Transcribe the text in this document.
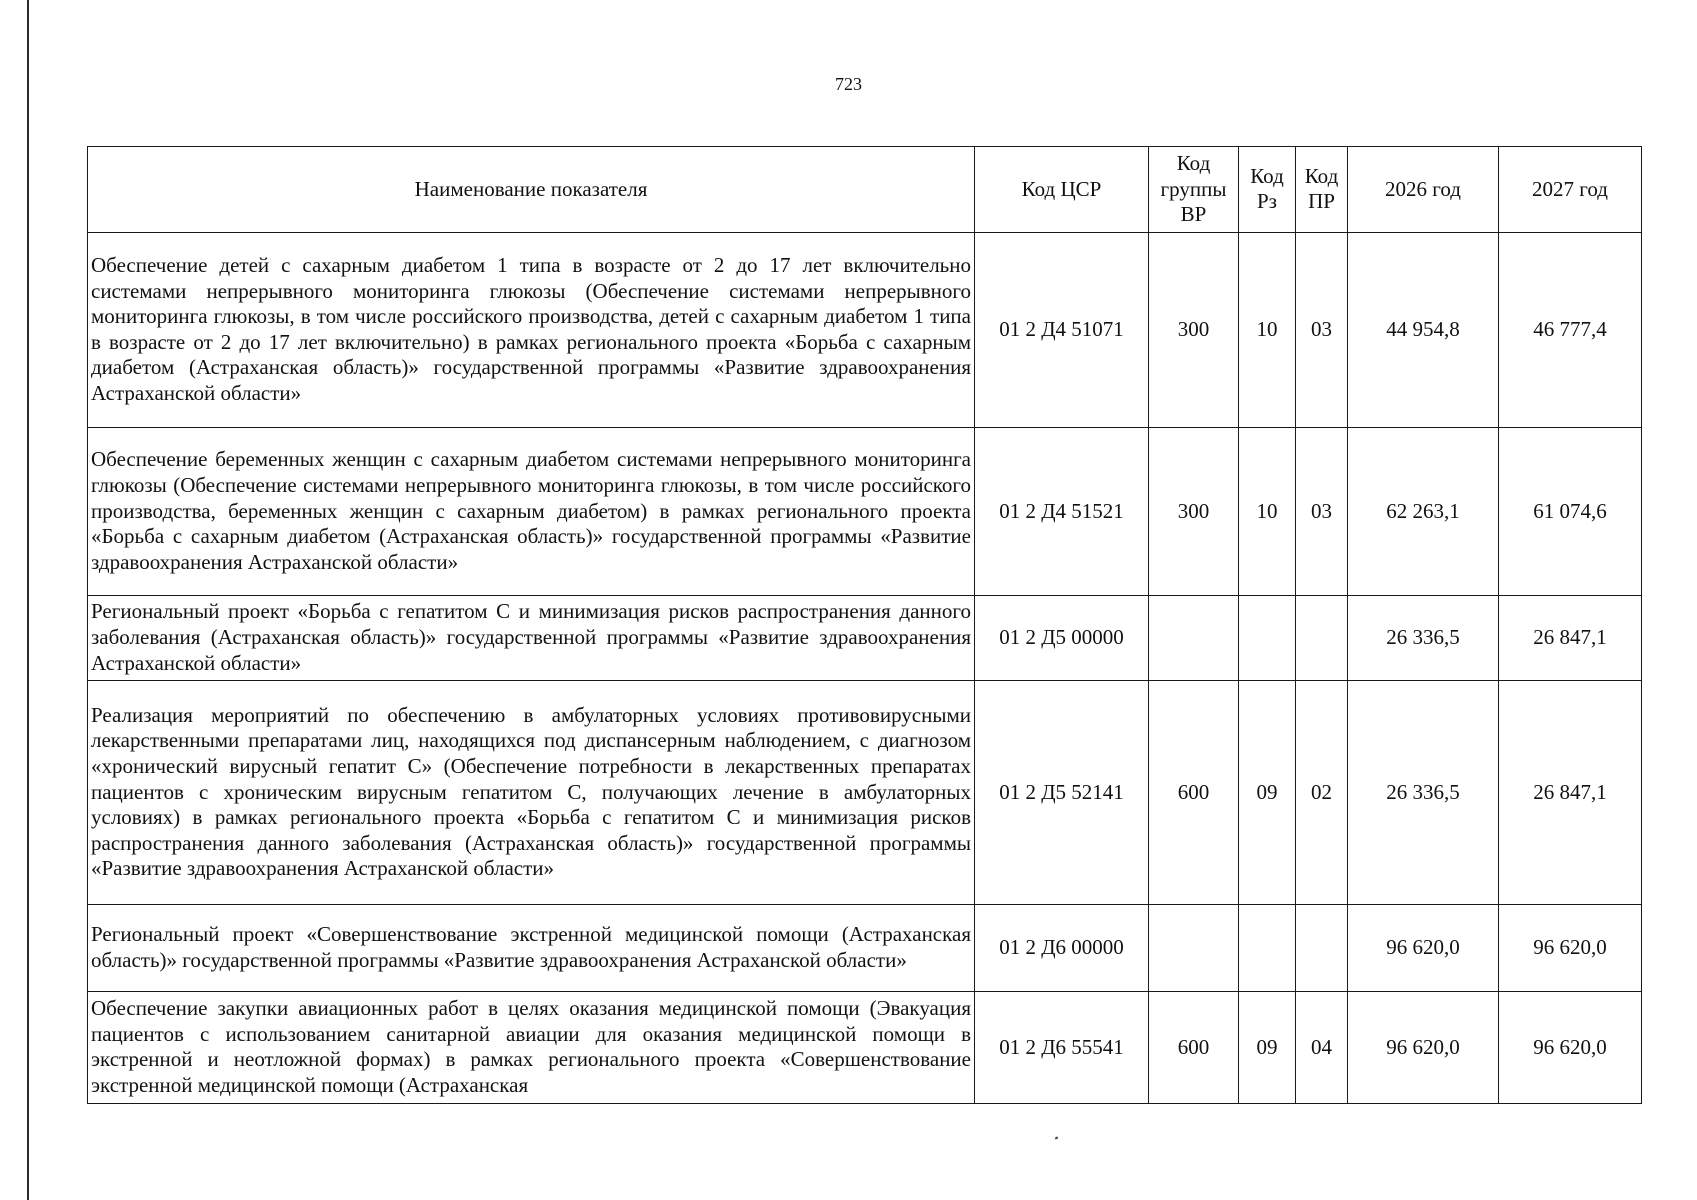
723
Наименование показателя	Код ЦСР	Код группы ВР	Код Рз	Код ПР	2026 год	2027 год
Обеспечение детей с сахарным диабетом 1 типа в возрасте от 2 до 17 лет включительно системами непрерывного мониторинга глюкозы (Обеспечение системами непрерывного мониторинга глюкозы, в том числе российского производства, детей с сахарным диабетом 1 типа в возрасте от 2 до 17 лет включительно) в рамках регионального проекта «Борьба с сахарным диабетом (Астраханская область)» государственной программы «Развитие здравоохранения Астраханской области»	01 2 Д4 51071	300	10	03	44 954,8	46 777,4
Обеспечение беременных женщин с сахарным диабетом системами непрерывного мониторинга глюкозы (Обеспечение системами непрерывного мониторинга глюкозы, в том числе российского производства, беременных женщин с сахарным диабетом) в рамках регионального проекта «Борьба с сахарным диабетом (Астраханская область)» государственной программы «Развитие здравоохранения Астраханской области»	01 2 Д4 51521	300	10	03	62 263,1	61 074,6
Региональный проект «Борьба с гепатитом С и минимизация рисков распространения данного заболевания (Астраханская область)» государственной программы «Развитие здравоохранения Астраханской области»	01 2 Д5 00000				26 336,5	26 847,1
Реализация мероприятий по обеспечению в амбулаторных условиях противовирусными лекарственными препаратами лиц, находящихся под диспансерным наблюдением, с диагнозом «хронический вирусный гепатит С» (Обеспечение потребности в лекарственных препаратах пациентов с хроническим вирусным гепатитом С, получающих лечение в амбулаторных условиях) в рамках регионального проекта «Борьба с гепатитом С и минимизация рисков распространения данного заболевания (Астраханская область)» государственной программы «Развитие здравоохранения Астраханской области»	01 2 Д5 52141	600	09	02	26 336,5	26 847,1
Региональный проект «Совершенствование экстренной медицинской помощи (Астраханская область)» государственной программы «Развитие здравоохранения Астраханской области»	01 2 Д6 00000				96 620,0	96 620,0
Обеспечение закупки авиационных работ в целях оказания медицинской помощи (Эвакуация пациентов с использованием санитарной авиации для оказания медицинской помощи в экстренной и неотложной формах) в рамках регионального проекта «Совершенствование экстренной медицинской помощи (Астраханская	01 2 Д6 55541	600	09	04	96 620,0	96 620,0
